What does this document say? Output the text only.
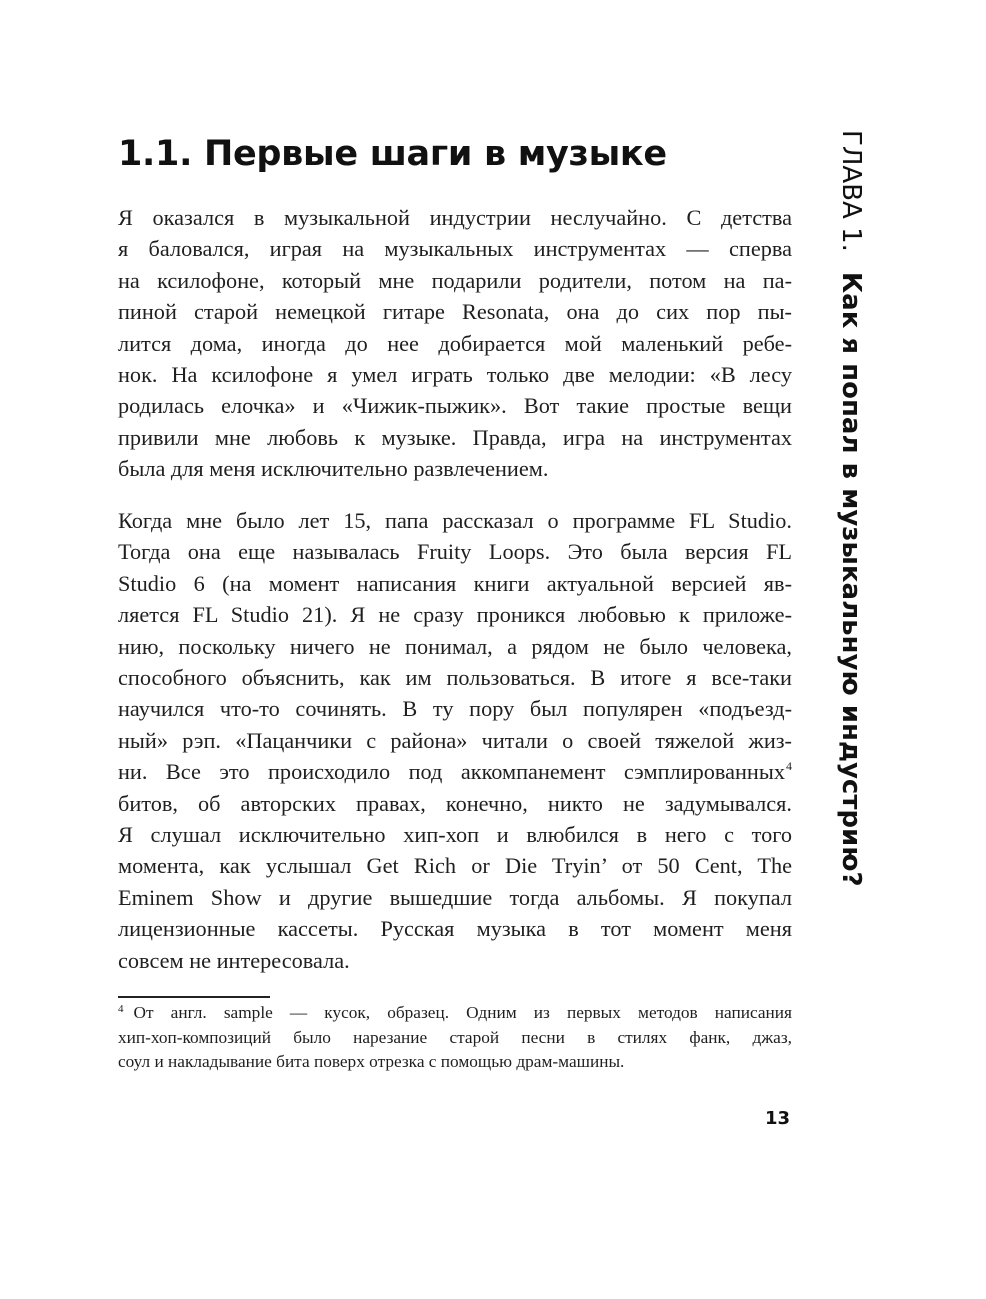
1.1. Первые шаги в музыке

Я оказался в музыкальной индустрии неслучайно. С детства
я баловался, играя на музыкальных инструментах — сперва
на ксилофоне, который мне подарили родители, потом на па-
пиной старой немецкой гитаре Resonata, она до сих пор пы-
лится дома, иногда до нее добирается мой маленький ребе-
нок. На ксилофоне я умел играть только две мелодии: «В лесу
родилась елочка» и «Чижик-пыжик». Вот такие простые вещи
привили мне любовь к музыке. Правда, игра на инструментах
была для меня исключительно развлечением.

Когда мне было лет 15, папа рассказал о программе FL Studio.
Тогда она еще называлась Fruity Loops. Это была версия FL
Studio 6 (на момент написания книги актуальной версией яв-
ляется FL Studio 21). Я не сразу проникся любовью к приложе-
нию, поскольку ничего не понимал, а рядом не было человека,
способного объяснить, как им пользоваться. В итоге я все-таки
научился что-то сочинять. В ту пору был популярен «подъезд-
ный» рэп. «Пацанчики с района» читали о своей тяжелой жиз-
ни. Все это происходило под аккомпанемент сэмплированных$^4$
битов, об авторских правах, конечно, никто не задумывался.
Я слушал исключительно хип-хоп и влюбился в него с того
момента, как услышал Get Rich or Die Tryin’ от 50 Cent, The
Eminem Show и другие вышедшие тогда альбомы. Я покупал
лицензионные кассеты. Русская музыка в тот момент меня
совсем не интересовала.

$^4$ От англ. sample — кусок, образец. Одним из первых методов написания
хип-хоп-композиций было нарезание старой песни в стилях фанк, джаз,
соул и накладывание бита поверх отрезка с помощью драм-машины.
13
ГЛАВА 1.Как я попал в музыкальную индустрию?
